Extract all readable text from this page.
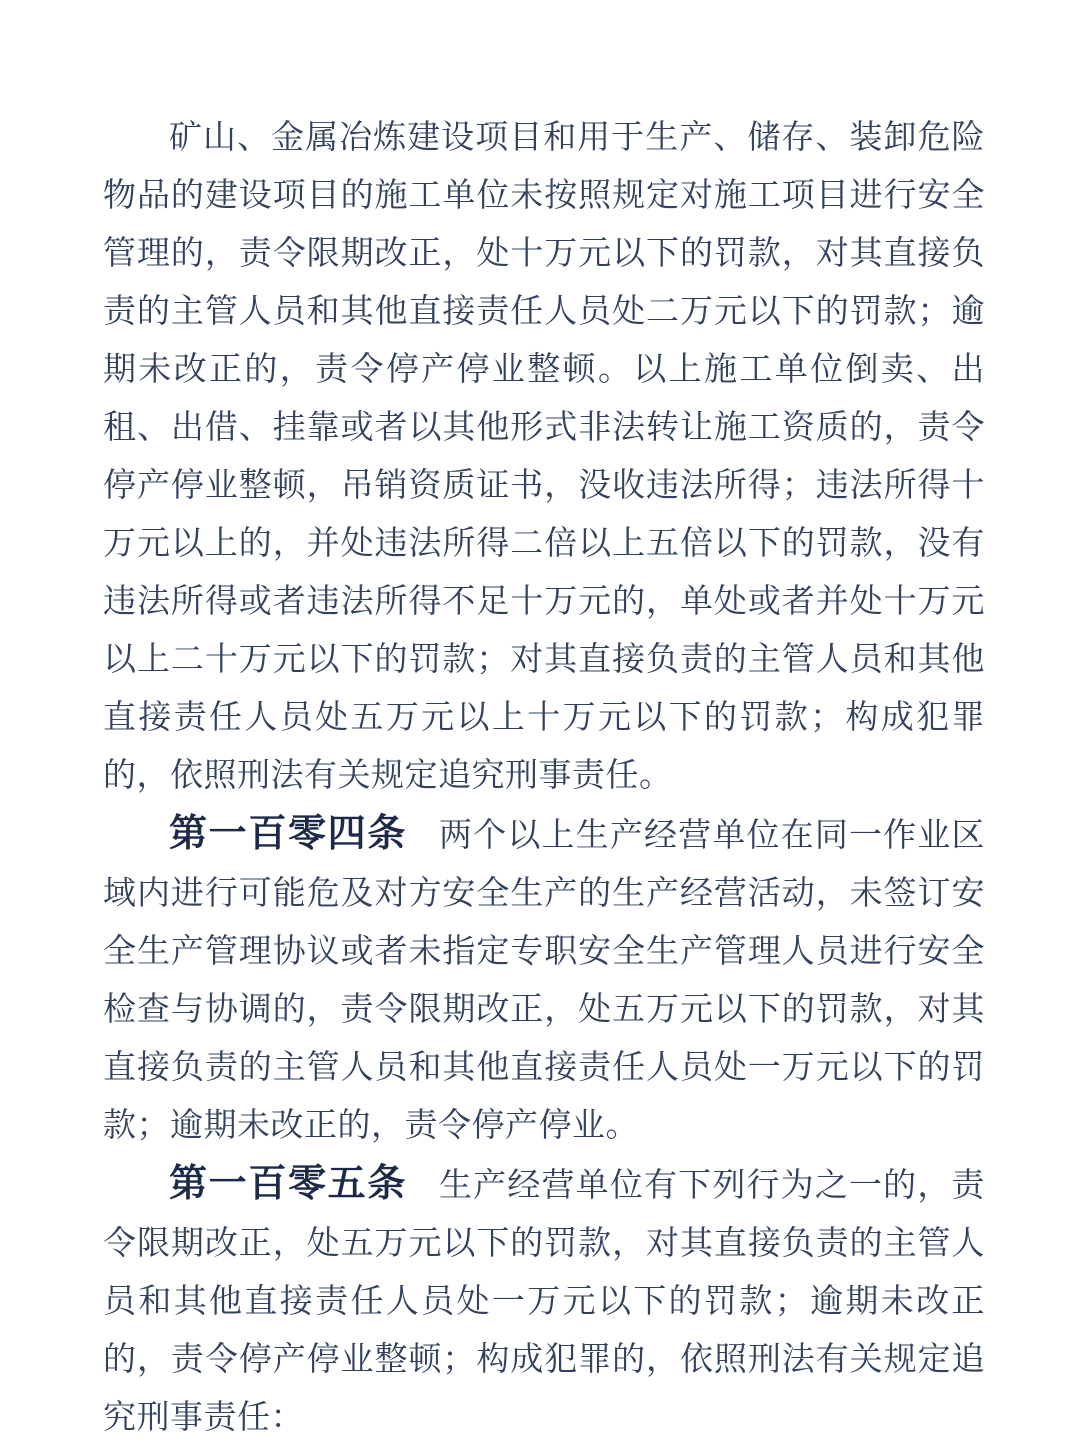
矿山、金属冶炼建设项目和用于生产、储存、装卸危险物品的建设项目的施工单位未按照规定对施工项目进行安全管理的，责令限期改正，处十万元以下的罚款，对其直接负责的主管人员和其他直接责任人员处二万元以下的罚款；逾期未改正的，责令停产停业整顿。以上施工单位倒卖、出租、出借、挂靠或者以其他形式非法转让施工资质的，责令停产停业整顿，吊销资质证书，没收违法所得；违法所得十万元以上的，并处违法所得二倍以上五倍以下的罚款，没有违法所得或者违法所得不足十万元的，单处或者并处十万元以上二十万元以下的罚款；对其直接负责的主管人员和其他直接责任人员处五万元以上十万元以下的罚款；构成犯罪的，依照刑法有关规定追究刑事责任。

第一百零四条 两个以上生产经营单位在同一作业区域内进行可能危及对方安全生产的生产经营活动，未签订安全生产管理协议或者未指定专职安全生产管理人员进行安全检查与协调的，责令限期改正，处五万元以下的罚款，对其直接负责的主管人员和其他直接责任人员处一万元以下的罚款；逾期未改正的，责令停产停业。

第一百零五条 生产经营单位有下列行为之一的，责令限期改正，处五万元以下的罚款，对其直接负责的主管人员和其他直接责任人员处一万元以下的罚款；逾期未改正的，责令停产停业整顿；构成犯罪的，依照刑法有关规定追究刑事责任：
